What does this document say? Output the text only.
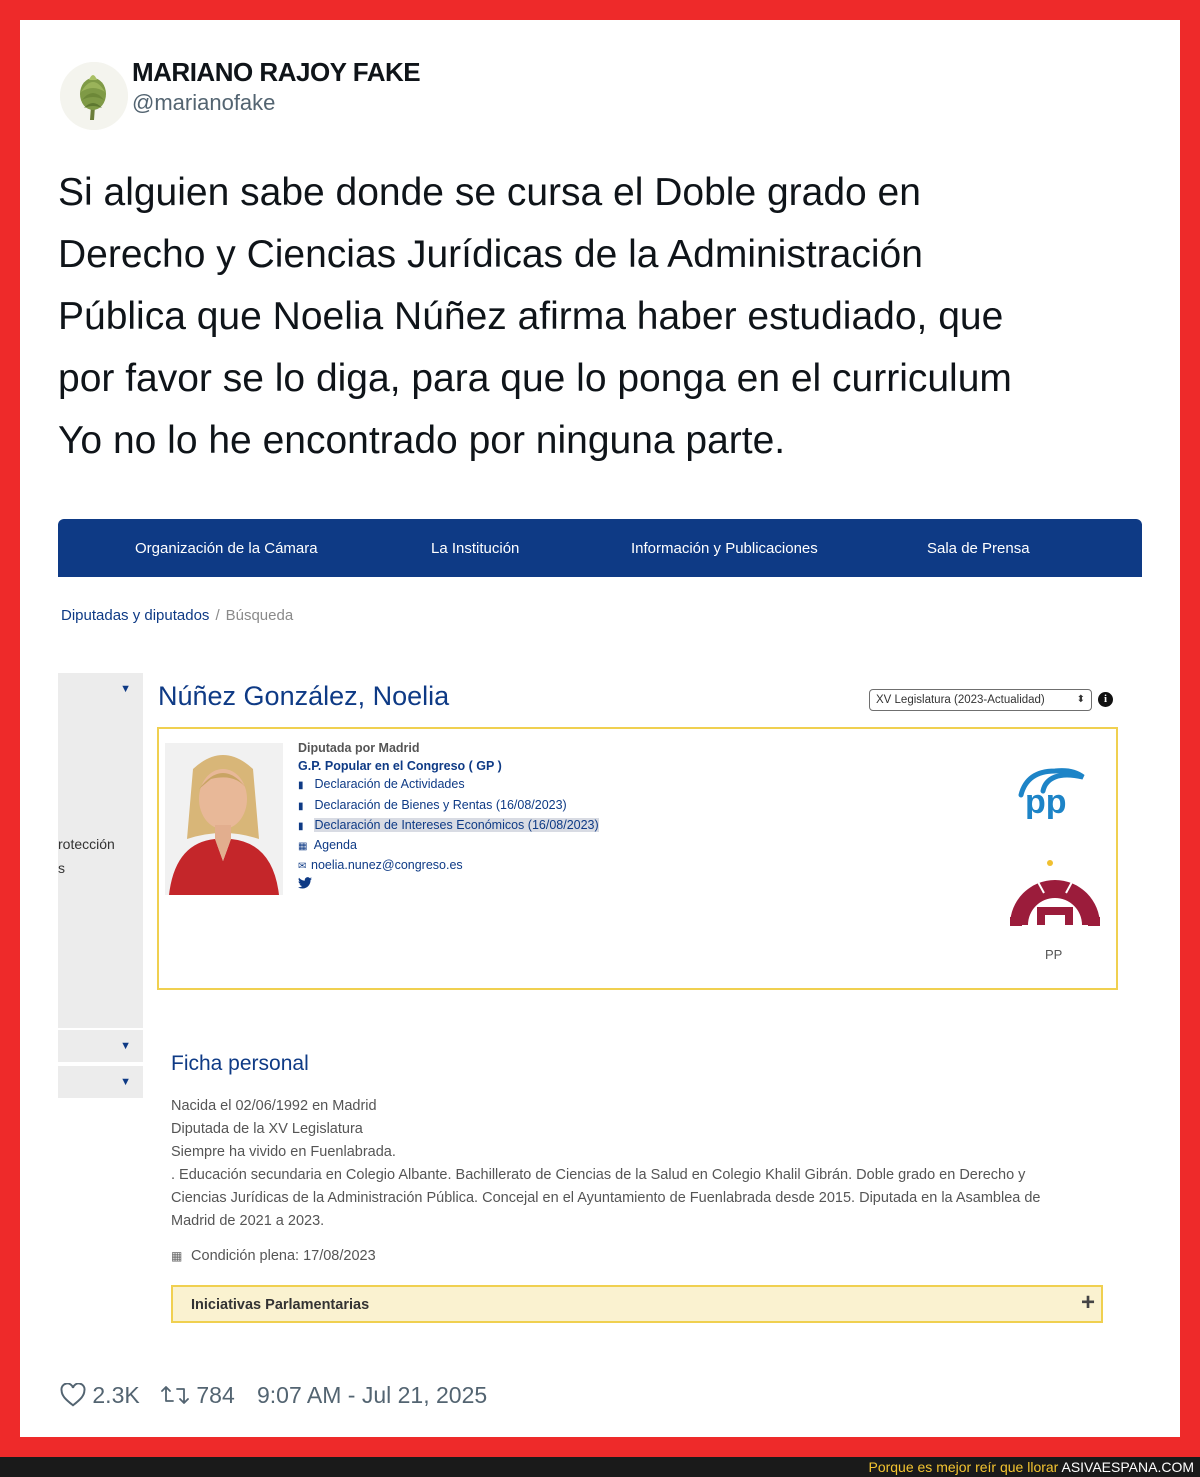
MARIANO RAJOY FAKE
@marianofake

Si alguien sabe donde se cursa el Doble grado en

Derecho y Ciencias Jurídicas de la Administración

Pública que Noelia Núñez afirma haber estudiado, que

por favor se lo diga, para que lo ponga en el curriculum

Yo no lo he encontrado por ninguna parte.

Organización de la Cámara	La Institución	Información y Publicaciones	Sala de Prensa
Diputadas y diputados / Búsqueda
▼
rotección
s
▼
▼
Núñez González, Noelia	XV Legislatura (2023-Actualidad)	⬍	i
Diputada por Madrid
G.P. Popular en el Congreso ( GP )
▮ Declaración de Actividades
▮ Declaración de Bienes y Rentas (16/08/2023)
▮ Declaración de Intereses Económicos (16/08/2023)
▦ Agenda
✉ noelia.nunez@congreso.es
pp
PP
Ficha personal
Nacida el 02/06/1992 en Madrid
Diputada de la XV Legislatura
Siempre ha vivido en Fuenlabrada.
. Educación secundaria en Colegio Albante. Bachillerato de Ciencias de la Salud en Colegio Khalil Gibrán. Doble grado en Derecho y
Ciencias Jurídicas de la Administración Pública. Concejal en el Ayuntamiento de Fuenlabrada desde 2015. Diputada en la Asamblea de
Madrid de 2021 a 2023.
▦ Condición plena: 17/08/2023
Iniciativas Parlamentarias	+
2.3K	784 9:07 AM - Jul 21, 2025
Porque es mejor reír que llorar ASIVAESPANA.COM
